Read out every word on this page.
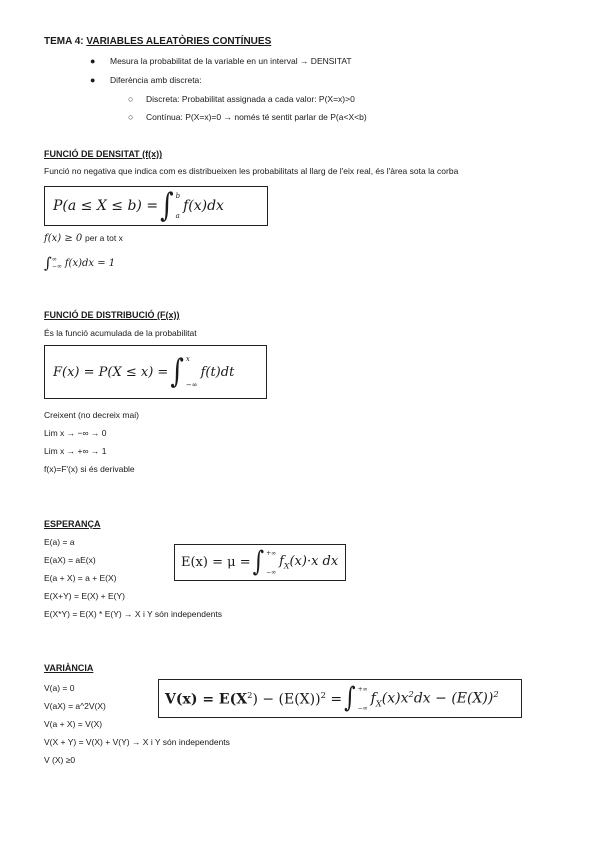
TEMA 4: VARIABLES ALEATÒRIES CONTÍNUES
● Mesura la probabilitat de la variable en un interval → DENSITAT
● Diferència amb discreta:
○ Discreta: Probabilitat assignada a cada valor: P(X=x)>0
○ Contínua: P(X=x)=0 → només té sentit parlar de P(a<X<b)
FUNCIÓ DE DENSITAT (f(x))
Funció no negativa que indica com es distribueixen les probabilitats al llarg de l'eix real, és l'àrea sota la corba
P(a ≤ X ≤ b) = ∫ b
a
f(x)dx
f(x) ≥ 0 per a tot x
∫ ∞
−∞ f(x)dx = 1
FUNCIÓ DE DISTRIBUCIÓ (F(x))
És la funció acumulada de la probabilitat
F(x) = P(X ≤ x) = ∫ x
−∞
f(t)dt
Creixent (no decreix mai)
Lim x → −∞ → 0
Lim x → +∞ → 1
f(x)=F'(x) si és derivable
ESPERANÇA
E(a) = a
E(aX) = aE(x)
E(a + X) = a + E(X)
E(X+Y) = E(X) + E(Y)
E(X*Y) = E(X) * E(Y) → X i Y són independents
E(x) = μ = ∫ +∞
−∞
$f_X(x)\cdot x$ dx
VARIÀNCIA
V(a) = 0
V(aX) = a^2V(X)
V(a + X) = V(X)
V(X + Y) = V(X) + V(Y) → X i Y són independents
V (X) ≥0
$V(x) = E(X^2) - (E(X))^2$ = ∫ +∞
−∞
$f_X(x)x^2dx - (E(X))^2$
